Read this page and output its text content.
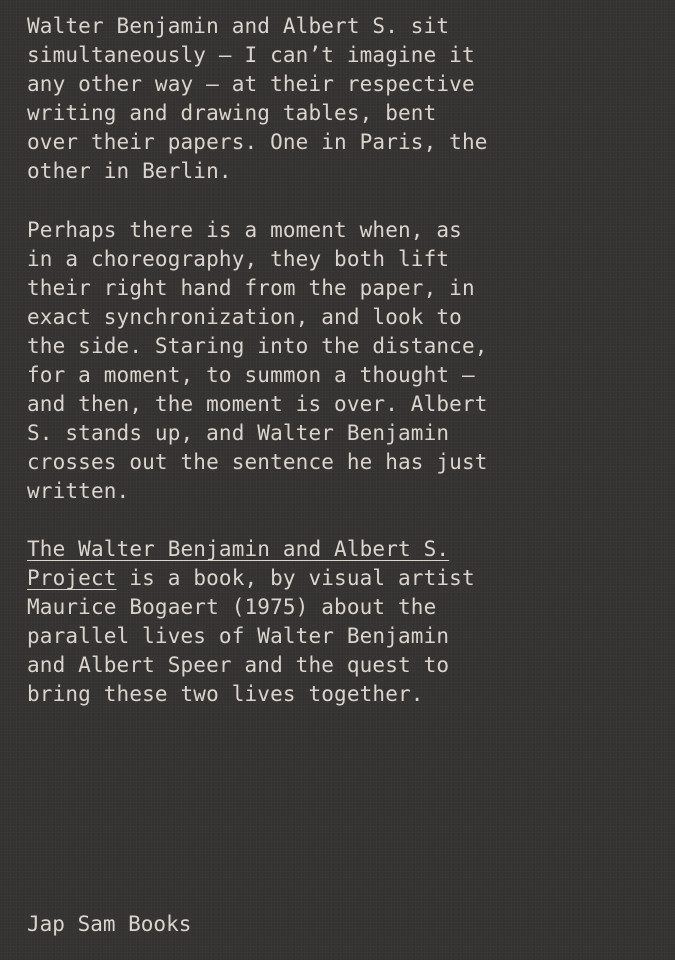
Walter Benjamin and Albert S. sit
simultaneously – I can’t imagine it
any other way – at their respective
writing and drawing tables, bent
over their papers. One in Paris, the
other in Berlin.
Perhaps there is a moment when, as
in a choreography, they both lift
their right hand from the paper, in
exact synchronization, and look to
the side. Staring into the distance,
for a moment, to summon a thought –
and then, the moment is over. Albert
S. stands up, and Walter Benjamin
crosses out the sentence he has just
written.
The Walter Benjamin and Albert S.
Project is a book, by visual artist
Maurice Bogaert (1975) about the
parallel lives of Walter Benjamin
and Albert Speer and the quest to
bring these two lives together.
Jap Sam Books
